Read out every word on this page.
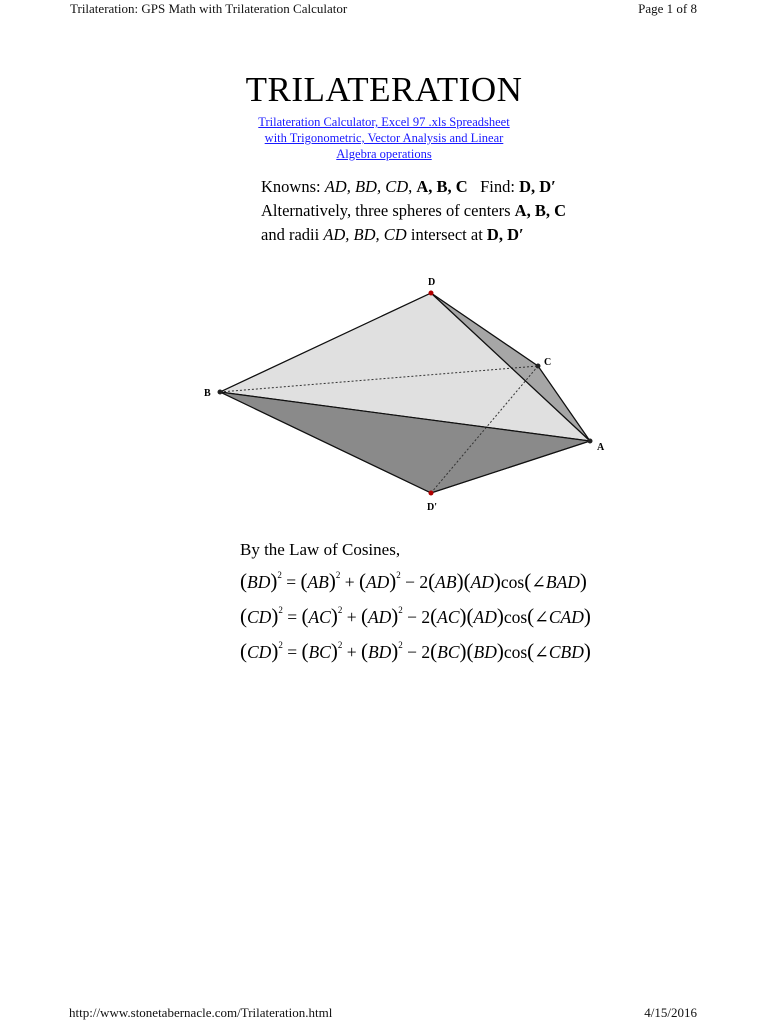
Trilateration: GPS Math with Trilateration Calculator	Page 1 of 8
TRILATERATION
Trilateration Calculator, Excel 97 .xls Spreadsheet
with Trigonometric, Vector Analysis and Linear
Algebra operations
Knowns: AD, BD, CD, A, B, C Find: D, D′
Alternatively, three spheres of centers A, B, C
and radii AD, BD, CD intersect at D, D′
D
C
B
A
D'
By the Law of Cosines,
(BD)$^2$ = (AB)$^2$ + (AD)$^2$ − 2(AB)(AD)cos(∠BAD)
(CD)$^2$ = (AC)$^2$ + (AD)$^2$ − 2(AC)(AD)cos(∠CAD)
(CD)$^2$ = (BC)$^2$ + (BD)$^2$ − 2(BC)(BD)cos(∠CBD)
http://www.stonetabernacle.com/Trilateration.html	4/15/2016
